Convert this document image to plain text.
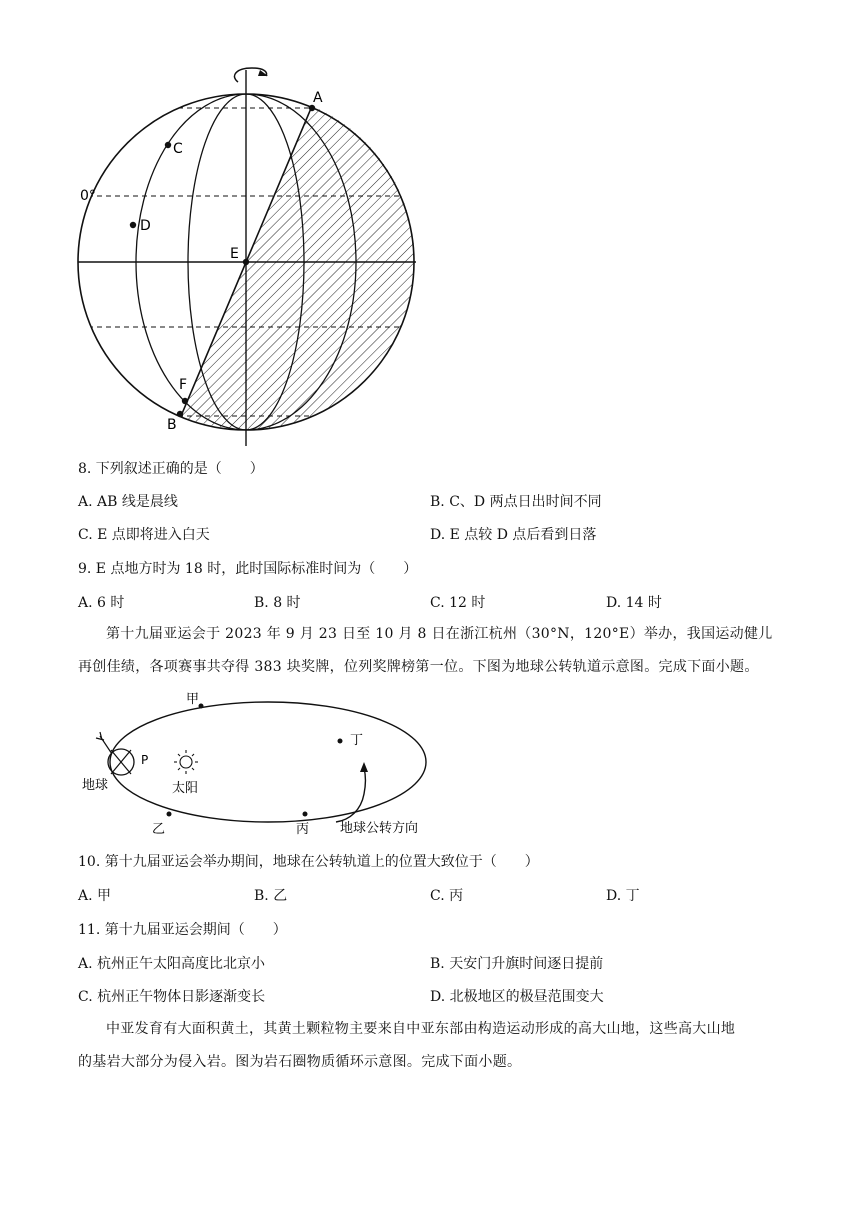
A
C
0°
D
E
F
B
8. 下列叙述正确的是（　　）
A. AB 线是晨线	B. C、D 两点日出时间不同
C. E 点即将进入白天	D. E 点较 D 点后看到日落
9. E 点地方时为 18 时，此时国际标准时间为（　　）
A. 6 时	B. 8 时	C. 12 时	D. 14 时
第十九届亚运会于 2023 年 9 月 23 日至 10 月 8 日在浙江杭州（30°N，120°E）举办，我国运动健儿
再创佳绩，各项赛事共夺得 383 块奖牌，位列奖牌榜第一位。下图为地球公转轨道示意图。完成下面小题。
甲
丁
P
地球	太阳
乙	丙 地球公转方向
10. 第十九届亚运会举办期间，地球在公转轨道上的位置大致位于（　　）
A. 甲	B. 乙	C. 丙	D. 丁
11. 第十九届亚运会期间（　　）
A. 杭州正午太阳高度比北京小	B. 天安门升旗时间逐日提前
C. 杭州正午物体日影逐渐变长	D. 北极地区的极昼范围变大
中亚发育有大面积黄土，其黄土颗粒物主要来自中亚东部由构造运动形成的高大山地，这些高大山地
的基岩大部分为侵入岩。图为岩石圈物质循环示意图。完成下面小题。
